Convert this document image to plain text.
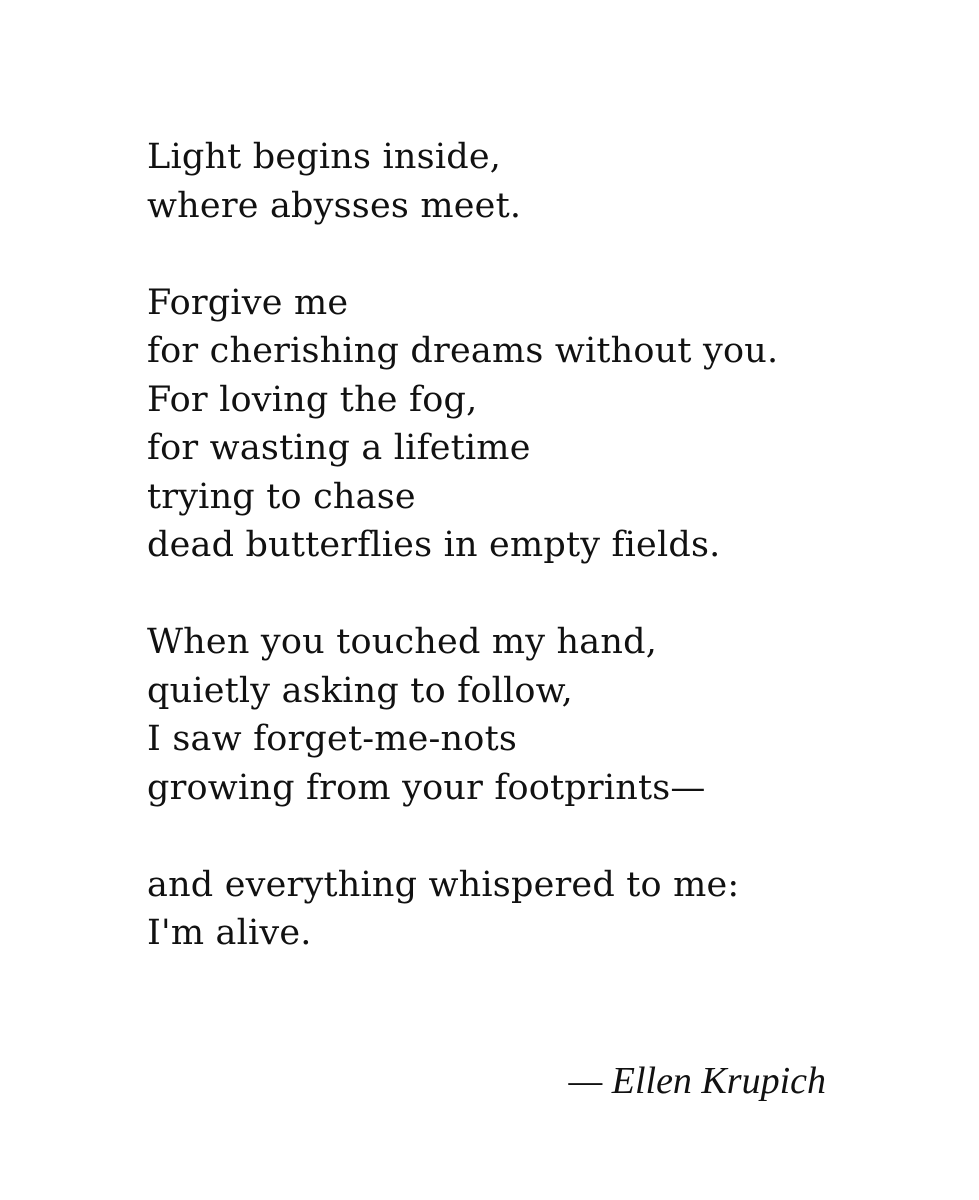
Light begins inside,
where abysses meet.
Forgive me
for cherishing dreams without you.
For loving the fog,
for wasting a lifetime
trying to chase
dead butterflies in empty fields.
When you touched my hand,
quietly asking to follow,
I saw forget-me-nots
growing from your footprints—
and everything whispered to me:
I'm alive.
— Ellen Krupich
